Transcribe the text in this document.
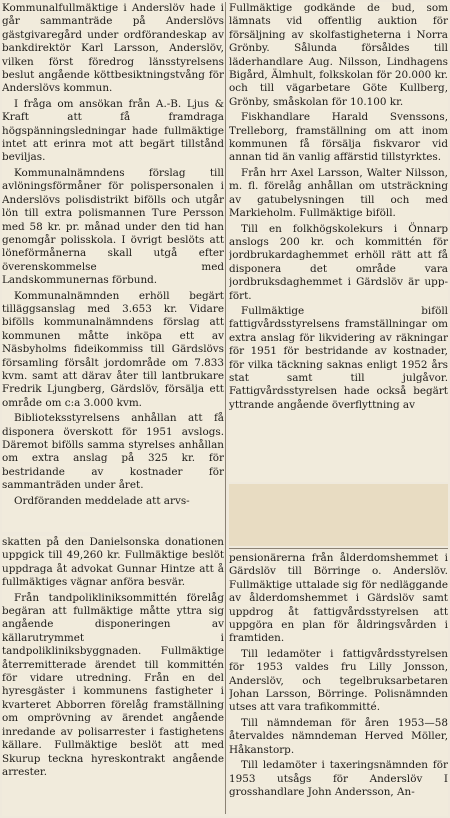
Kommunalfullmäktige i Anderslöv hade i går sammanträde på Anderslövs gästgivaregård under ordförandeskap av bankdirektör Karl Larsson, Anderslöv, vilken först föredrog länsstyrelsens beslut angående köttbesiktningstvång för Anderslövs kommun.

I fråga om ansökan från A.-B. Ljus & Kraft att få framdraga högspänningsledningar hade fullmäktige intet att erinra mot att begärt tillstånd beviljas.

Kommunalnämndens förslag till avlöningsförmåner för polispersonalen i Anderslövs polisdistrikt bifölls och utgår lön till extra polismannen Ture Persson med 58 kr. pr. månad under den tid han genomgår polisskola. I övrigt beslöts att löneförmånerna skall utgå efter överenskommelse med Landskommunernas förbund.

Kommunalnämnden erhöll begärt tilläggsanslag med 3.653 kr. Vidare bifölls kommunalnämndens förslag att kommunen måtte inköpa ett av Näsbyholms fideikommiss till Gärdslövs församling försålt jordområde om 7.833 kvm. samt att därav åter till lantbrukare Fredrik Ljungberg, Gärdslöv, försälja ett område om c:a 3.000 kvm.

Biblioteksstyrelsens anhållan att få disponera överskott för 1951 avslogs. Däremot bifölls samma styrelses anhållan om extra anslag på 325 kr. för bestridande av kostnader för sammanträden under året.

Ordföranden meddelade att arvs-

Fullmäktige godkände de bud, som lämnats vid offentlig auktion för försäljning av skolfastigheterna i Norra Grönby. Sålunda försåldes till läderhandlare Aug. Nilsson, Lindhagens Bigård, Älmhult, folkskolan för 20.000 kr. och till vägarbetare Göte Kullberg, Grönby, småskolan för 10.100 kr.

Fiskhandlare Harald Svenssons, Trelleborg, framställning om att inom kommunen få försälja fiskvaror vid annan tid än vanlig affärstid tillstyrktes.

Från hrr Axel Larsson, Walter Nilsson, m. fl. förelåg anhållan om utsträckning av gatubelysningen till och med Markieholm. Fullmäktige biföll.

Till en folkhögskolekurs i Önnarp anslogs 200 kr. och kommittén för jordbrukardaghemmet erhöll rätt att få disponera det område vara jordbruksdaghemmet i Gärdslöv är upp-fört.

Fullmäktige biföll fattigvårdsstyrelsens framställningar om extra anslag för likvidering av räkningar för 1951 för bestridande av kostnader, för vilka täckning saknas enligt 1952 års stat samt till julgåvor. Fattigvårdsstyrelsen hade också begärt yttrande angående överflyttning av

skatten på den Danielsonska donationen uppgick till 49,260 kr. Fullmäktige beslöt uppdraga åt advokat Gunnar Hintze att å fullmäktiges vägnar anföra besvär.

Från tandpolikliniksommittén förelåg begäran att fullmäktige måtte yttra sig angående disponeringen av källarutrymmet i tandpolikliniksbyggnaden. Fullmäktige återremitterade ärendet till kommittén för vidare utredning. Från en del hyresgäster i kommunens fastigheter i kvarteret Abborren förelåg framställning om omprövning av ärendet angående inredande av polisarrester i fastighetens källare. Fullmäktige beslöt att med Skurup teckna hyreskontrakt angående arrester.

pensionärerna från ålderdomshemmet i Gärdslöv till Börringe o. Anderslöv. Fullmäktige uttalade sig för nedläggande av ålderdomshemmet i Gärdslöv samt uppdrog åt fattigvårdsstyrelsen att uppgöra en plan för åldringsvården i framtiden.

Till ledamöter i fattigvårdsstyrelsen för 1953 valdes fru Lilly Jonsson, Anderslöv, och tegelbruksarbetaren Johan Larsson, Börringe. Polisnämnden utses att vara trafikommitté.

Till nämndeman för åren 1953—58 återvaldes nämndeman Herved Möller, Håkanstorp.

Till ledamöter i taxeringsnämnden för 1953 utsågs för Anderslöv I grosshandlare John Andersson, An-
